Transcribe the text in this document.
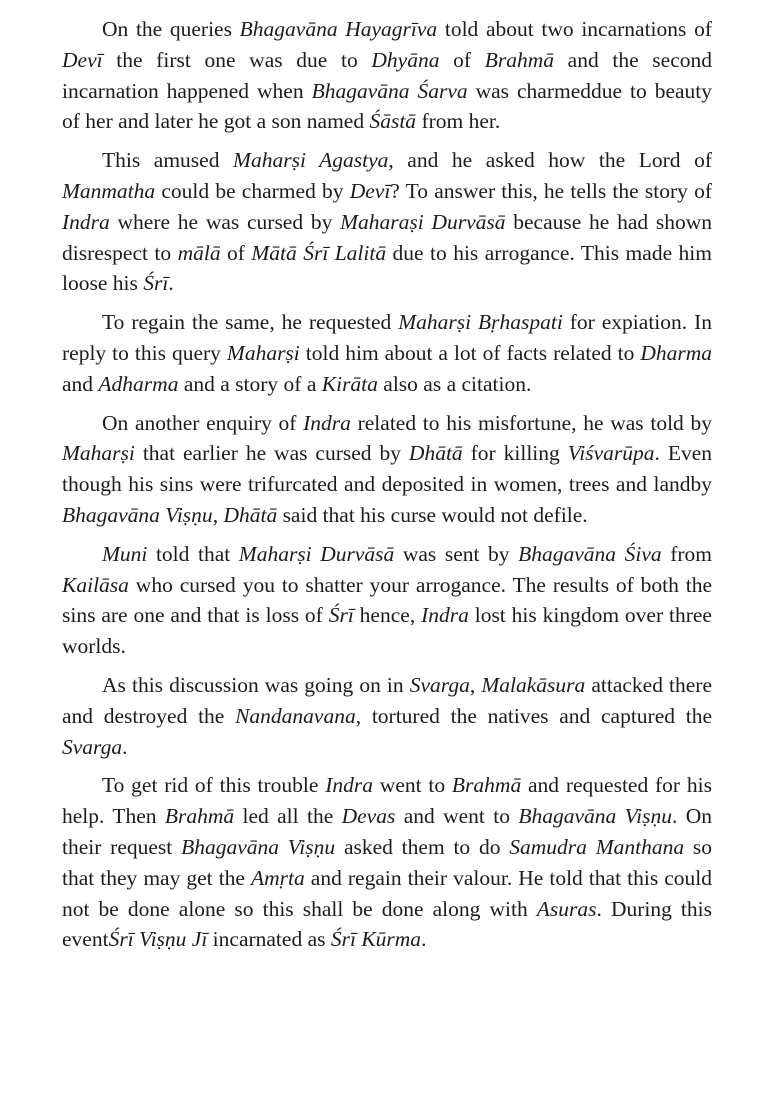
On the queries Bhagavāna Hayagrīva told about two incarnations of Devī the first one was due to Dhyāna of Brahmā and the second incarnation happened when Bhagavāna Śarva was charmeddue to beauty of her and later he got a son named Śāstā from her.

This amused Maharṣi Agastya, and he asked how the Lord of Manmatha could be charmed by Devī? To answer this, he tells the story of Indra where he was cursed by Maharaṣi Durvāsā because he had shown disrespect to mālā of Mātā Śrī Lalitā due to his arrogance. This made him loose his Śrī.

To regain the same, he requested Maharṣi Bṛhaspati for expiation. In reply to this query Maharṣi told him about a lot of facts related to Dharma and Adharma and a story of a Kirāta also as a citation.

On another enquiry of Indra related to his misfortune, he was told by Maharṣi that earlier he was cursed by Dhātā for killing Viśvarūpa. Even though his sins were trifurcated and deposited in women, trees and landby Bhagavāna Viṣṇu, Dhātā said that his curse would not defile.

Muni told that Maharṣi Durvāsā was sent by Bhagavāna Śiva from Kailāsa who cursed you to shatter your arrogance. The results of both the sins are one and that is loss of Śrī hence, Indra lost his kingdom over three worlds.

As this discussion was going on in Svarga, Malakāsura attacked there and destroyed the Nandanavana, tortured the natives and captured the Svarga.

To get rid of this trouble Indra went to Brahmā and requested for his help. Then Brahmā led all the Devas and went to Bhagavāna Viṣṇu. On their request Bhagavāna Viṣṇu asked them to do Samudra Manthana so that they may get the Amṛta and regain their valour. He told that this could not be done alone so this shall be done along with Asuras. During this eventŚrī Viṣṇu Jī incarnated as Śrī Kūrma.
